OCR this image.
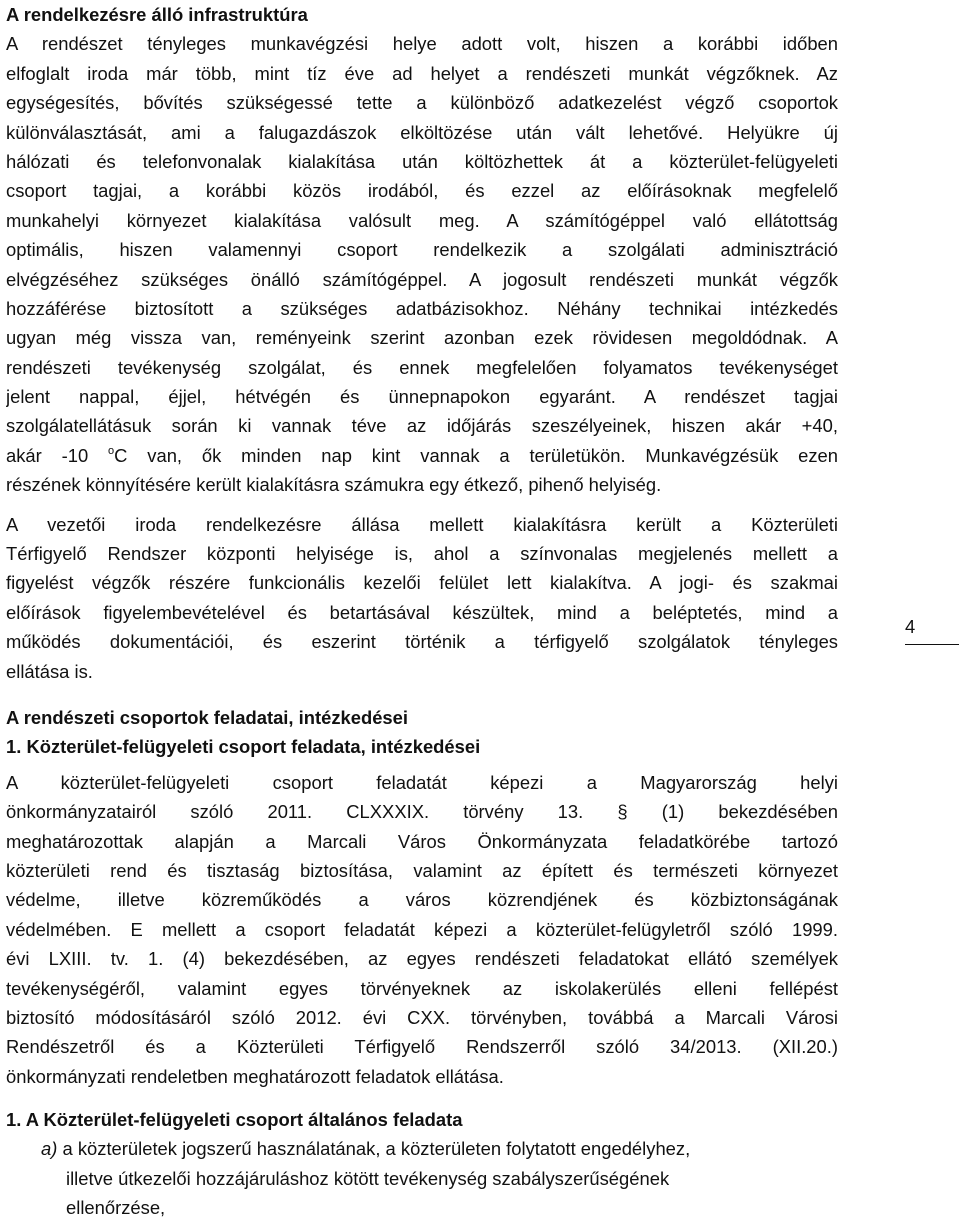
A rendelkezésre álló infrastruktúra

A rendészet tényleges munkavégzési helye adott volt, hiszen a korábbi időben

elfoglalt iroda már több, mint tíz éve ad helyet a rendészeti munkát végzőknek. Az

egységesítés, bővítés szükségessé tette a különböző adatkezelést végző csoportok

különválasztását, ami a falugazdászok elköltözése után vált lehetővé. Helyükre új

hálózati és telefonvonalak kialakítása után költözhettek át a közterület-felügyeleti

csoport tagjai, a korábbi közös irodából, és ezzel az előírásoknak megfelelő

munkahelyi környezet kialakítása valósult meg. A számítógéppel való ellátottság

optimális, hiszen valamennyi csoport rendelkezik a szolgálati adminisztráció

elvégzéséhez szükséges önálló számítógéppel. A jogosult rendészeti munkát végzők

hozzáférése biztosított a szükséges adatbázisokhoz. Néhány technikai intézkedés

ugyan még vissza van, reményeink szerint azonban ezek rövidesen megoldódnak. A

rendészeti tevékenység szolgálat, és ennek megfelelően folyamatos tevékenységet

jelent nappal, éjjel, hétvégén és ünnepnapokon egyaránt. A rendészet tagjai

szolgálatellátásuk során ki vannak téve az időjárás szeszélyeinek, hiszen akár +40,

akár -10 $^o$C van, ők minden nap kint vannak a területükön. Munkavégzésük ezen

részének könnyítésére került kialakításra számukra egy étkező, pihenő helyiség.

A vezetői iroda rendelkezésre állása mellett kialakításra került a Közterületi

Térfigyelő Rendszer központi helyisége is, ahol a színvonalas megjelenés mellett a

figyelést végzők részére funkcionális kezelői felület lett kialakítva. A jogi- és szakmai

előírások figyelembevételével és betartásával készültek, mind a beléptetés, mind a

működés dokumentációi, és eszerint történik a térfigyelő szolgálatok tényleges

ellátása is.

A rendészeti csoportok feladatai, intézkedései

1. Közterület-felügyeleti csoport feladata, intézkedései

A közterület-felügyeleti csoport feladatát képezi a Magyarország helyi

önkormányzatairól szóló 2011. CLXXXIX. törvény 13. § (1) bekezdésében

meghatározottak alapján a Marcali Város Önkormányzata feladatkörébe tartozó

közterületi rend és tisztaság biztosítása, valamint az épített és természeti környezet

védelme, illetve közreműködés a város közrendjének és közbiztonságának

védelmében. E mellett a csoport feladatát képezi a közterület-felügyletről szóló 1999.

évi LXIII. tv. 1. (4) bekezdésében, az egyes rendészeti feladatokat ellátó személyek

tevékenységéről, valamint egyes törvényeknek az iskolakerülés elleni fellépést

biztosító módosításáról szóló 2012. évi CXX. törvényben, továbbá a Marcali Városi

Rendészetről és a Közterületi Térfigyelő Rendszerről szóló 34/2013. (XII.20.)

önkormányzati rendeletben meghatározott feladatok ellátása.

1. A Közterület-felügyeleti csoport általános feladata

a) a közterületek jogszerű használatának, a közterületen folytatott engedélyhez,

illetve útkezelői hozzájáruláshoz kötött tevékenység szabályszerűségének

ellenőrzése,

4
